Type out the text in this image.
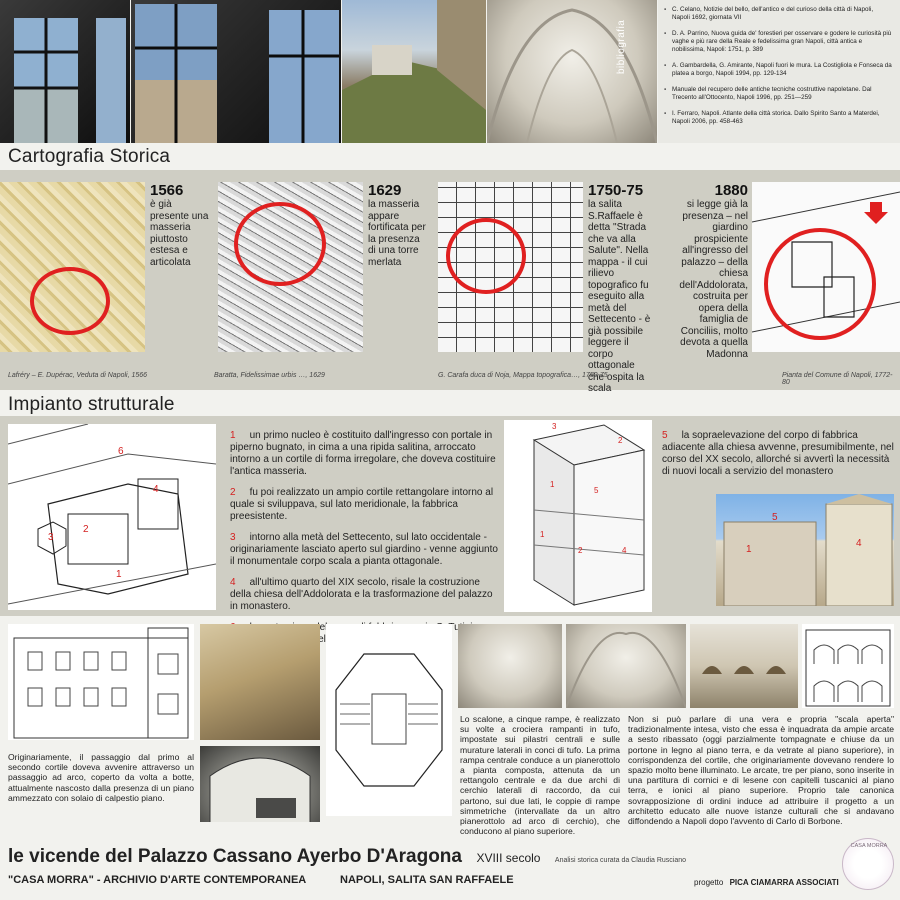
bibliografia
▪ C. Celano, Notizie del bello, dell'antico e del curioso della città di Napoli, Napoli 1692, giornata VII
▪ D. A. Parrino, Nuova guida de' forestieri per osservare e godere le curiosità più vaghe e più rare della Reale e fedelissima gran Napoli, città antica e nobilissima, Napoli: 1751, p. 389
▪ A. Gambardella, G. Amirante, Napoli fuori le mura. La Costigliola e Fonseca da platea a borgo, Napoli 1994, pp. 129-134
▪ Manuale del recupero delle antiche tecniche costruttive napoletane. Dal Trecento all'Ottocento, Napoli 1996, pp. 251—259
▪ I. Ferraro, Napoli. Atlante della città storica. Dallo Spirito Santo a Materdei, Napoli 2006, pp. 458-463
Cartografia Storica
1566
è già presente una masseria piuttosto estesa e articolata
Lafréry – E. Dupérac, Veduta di Napoli, 1566
1629
la masseria appare fortificata per la presenza di una torre merlata
Baratta, Fidelissimae urbis …, 1629
1750-75
la salita S.Raffaele è detta "Strada che va alla Salute". Nella mappa - il cui rilievo topografico fu eseguito alla metà del Settecento - è già possibile leggere il corpo ottagonale che ospita la scala
G. Carafa duca di Noja, Mappa topografica…, 1750-75
1880
si legge già la presenza – nel giardino prospiciente all'ingresso del palazzo – della chiesa dell'Addolorata, costruita per opera della famiglia de Conciliis, molto devota a quella Madonna
Pianta del Comune di Napoli, 1772-80
Impianto strutturale
6
4
2
3
1
1 un primo nucleo è costituito dall'ingresso con portale in piperno bugnato, in cima a una ripida salitina, arroccato intorno a un cortile di forma irregolare, che doveva costituire l'antica masseria.
2 fu poi realizzato un ampio cortile rettangolare intorno al quale si sviluppava, sul lato meridionale, la fabbrica preesistente.
3 intorno alla metà del Settecento, sul lato occidentale - originariamente lasciato aperto sul giardino - venne aggiunto il monumentale corpo scala a pianta ottagonale.
4 all'ultimo quarto del XIX secolo, risale la costruzione della chiesa dell'Addolorata e la trasformazione del palazzo in monastero.
del
3
2
1
5
1
2	4
5 la sopraelevazione del corpo di fabbrica adiacente alla chiesa avvenne, presumibilmente, nel corso del XX secolo, allorché si avvertì la necessità di nuovi locali a servizio del monastero
1
4
5
Originariamente, il passaggio dal primo al secondo cortile doveva avvenire attraverso un passaggio ad arco, coperto da volta a botte, attualmente nascosto dalla presenza di un piano ammezzato con solaio di calpestio piano.
Lo scalone, a cinque rampe, è realizzato su volte a crociera rampanti in tufo, impostate sui pilastri centrali e sulle murature laterali in conci di tufo. La prima rampa centrale conduce a un pianerottolo a pianta composta, attenuta da un rettangolo centrale e da due archi di cerchio laterali di raccordo, da cui partono, sui due lati, le coppie di rampe simmetriche (intervallate da un altro pianerottolo ad arco di cerchio), che conducono al piano superiore.
Non si può parlare di una vera e propria "scala aperta" tradizionalmente intesa, visto che essa è inquadrata da ampie arcate a sesto ribassato (oggi parzialmente tompagnate e chiuse da un portone in legno al piano terra, e da vetrate al piano superiore), in corrispondenza del cortile, che originariamente dovevano rendere lo spazio molto bene illuminato. Le arcate, tre per piano, sono inserite in una partitura di cornici e di lesene con capitelli tuscanici al piano terra, e ionici al piano superiore. Proprio tale canonica sovrapposizione di ordini induce ad attribuire il progetto a un architetto educato alle nuove istanze culturali che si andavano diffondendo a Napoli dopo l'avvento di Carlo di Borbone.
le vicende del Palazzo Cassano Ayerbo D'Aragona XVIII secolo Analisi storica curata da Claudia Rusciano
"CASA MORRA" - ARCHIVIO D'ARTE CONTEMPORANEA	NAPOLI, SALITA SAN RAFFAELE	progetto PICA CIAMARRA ASSOCIATI
CASA MORRA
